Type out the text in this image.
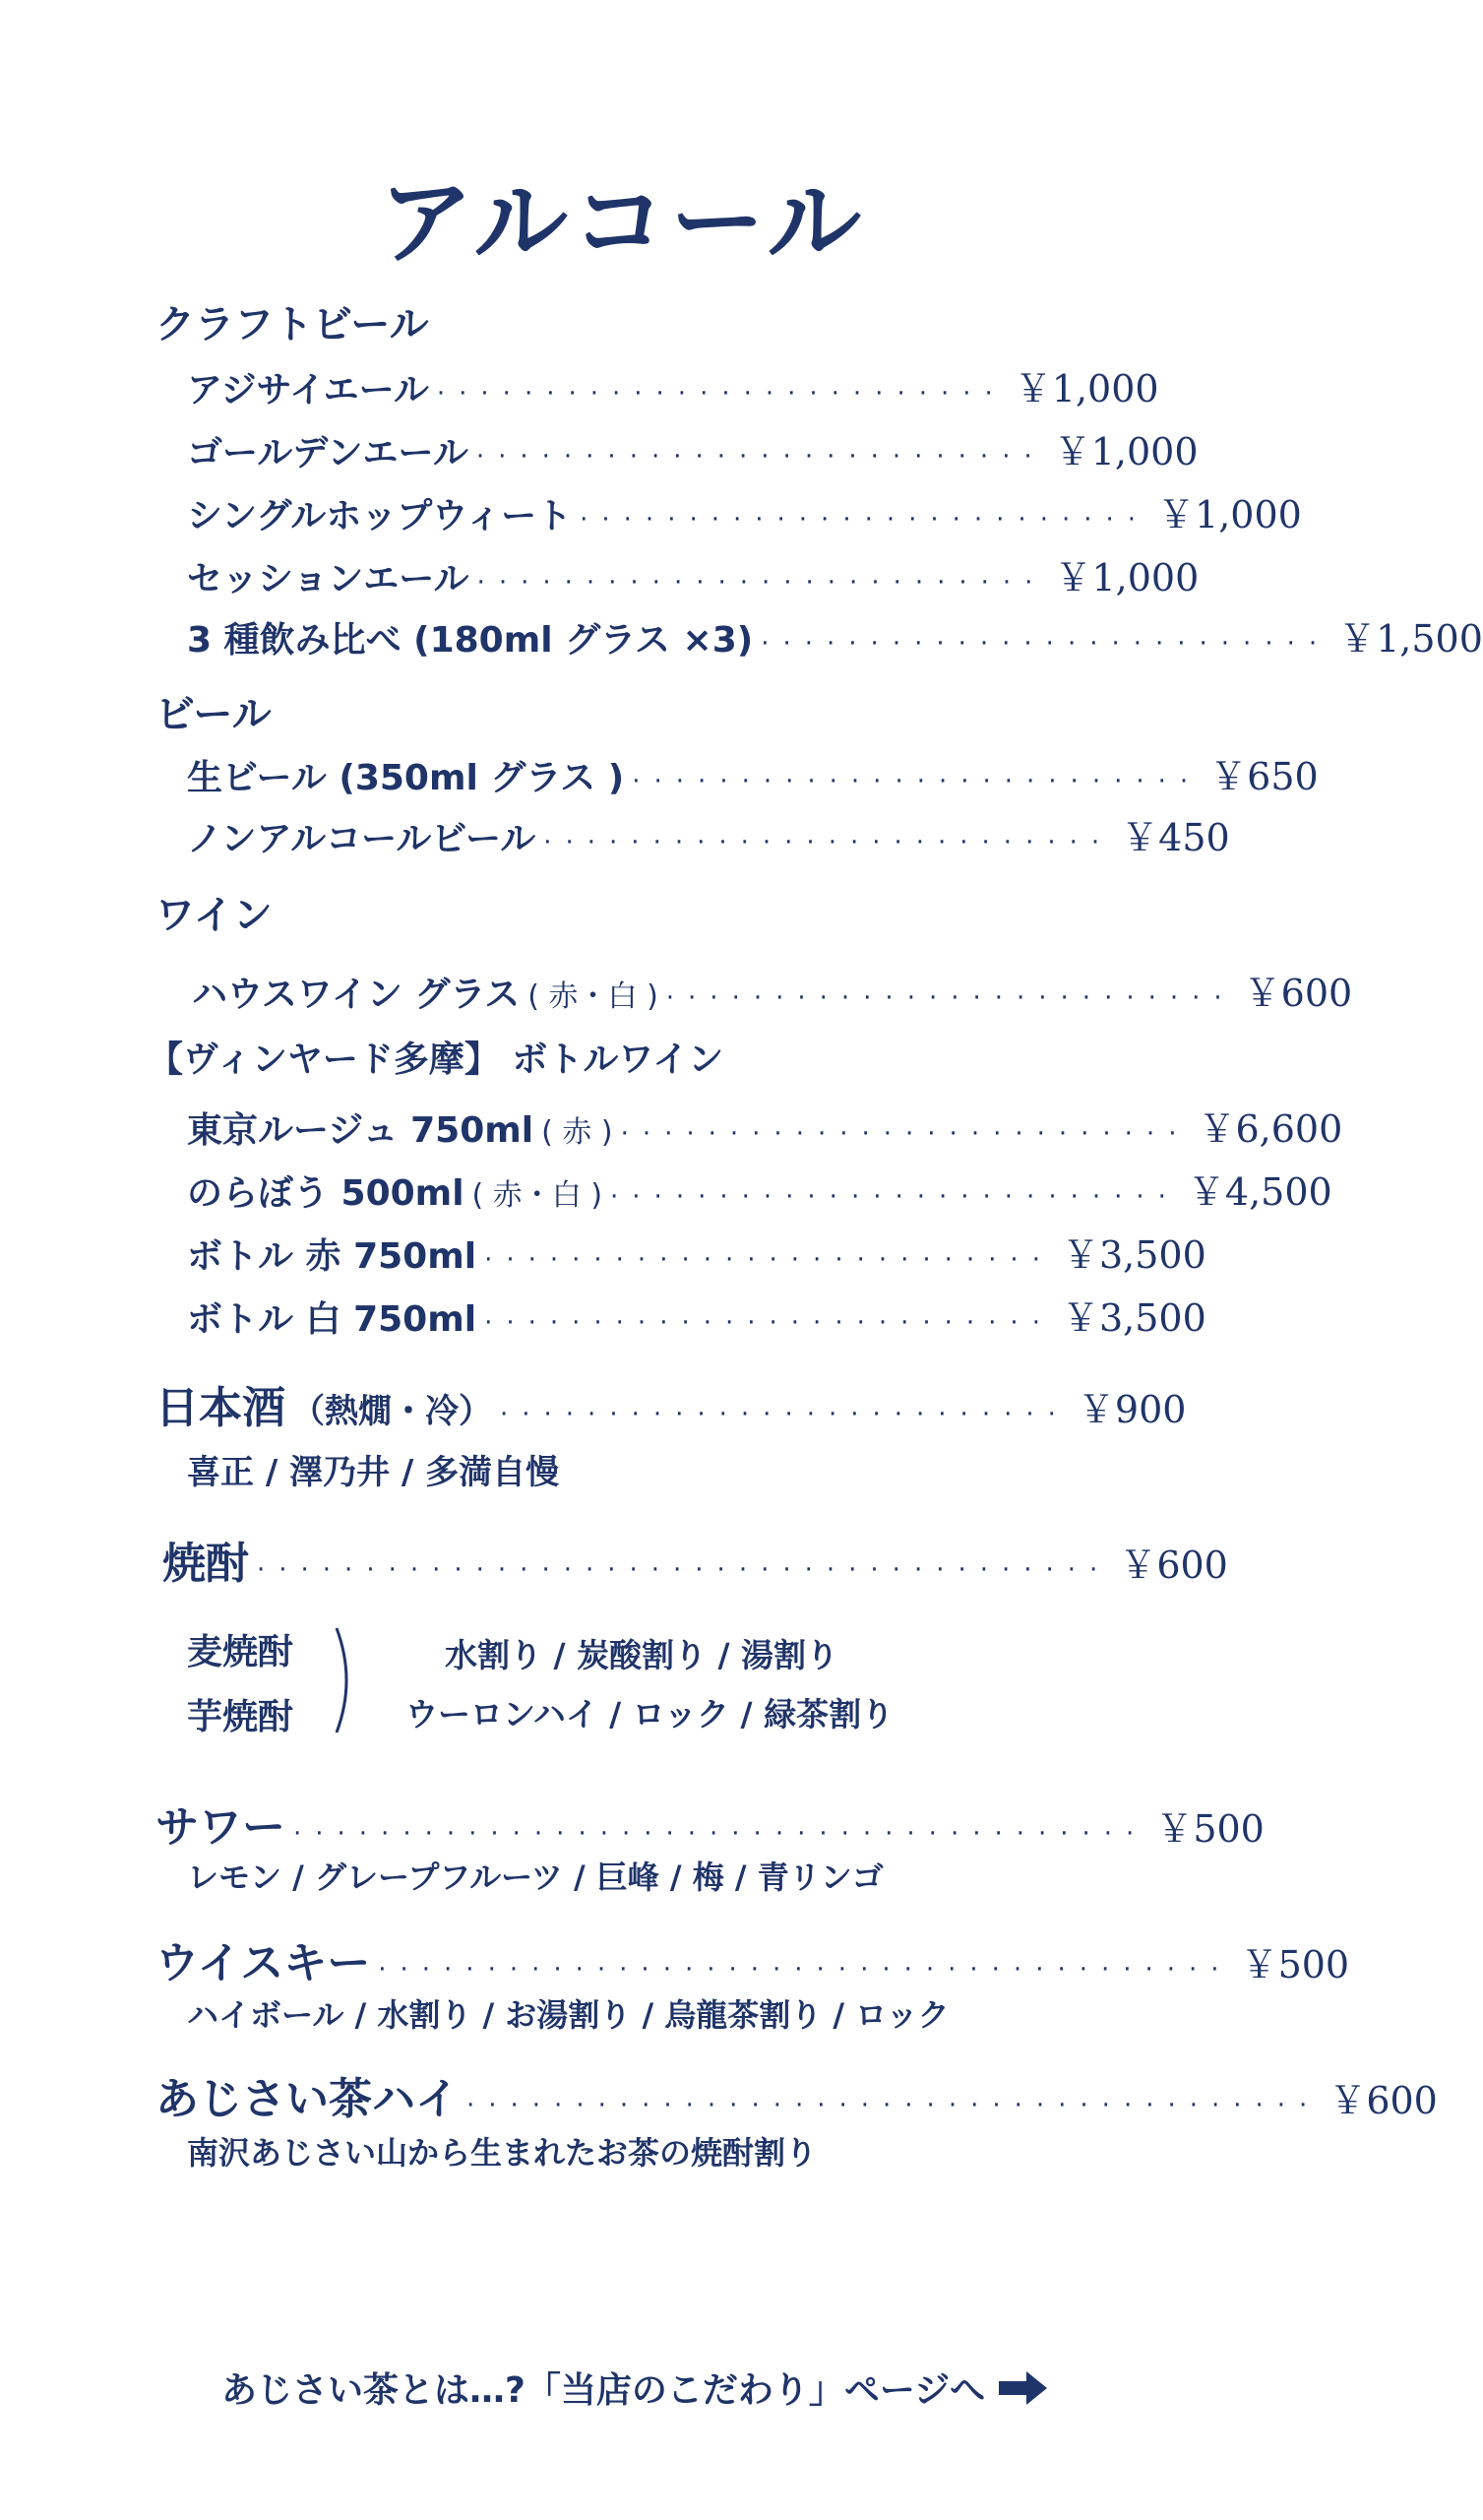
アルコール
クラフトビール
アジサイエール ·························· ￥1,000
ゴールデンエール ·························· ￥1,000
シングルホップウィート ·························· ￥1,000
セッションエール ·························· ￥1,000
3 種飲み比べ (180ml グラス ×3) ·························· ￥1,500
ビール
生ビール (350ml グラス ) ·························· ￥650
ノンアルコールビール ·························· ￥450
ワイン
ハウスワイン グラス ( 赤・白 ) ·························· ￥600
【ヴィンヤード多摩】 ボトルワイン
東京ルージュ 750ml ( 赤 ) ·························· ￥6,600
のらぼう 500ml ( 赤・白 ) ·························· ￥4,500
ボトル 赤 750ml ·························· ￥3,500
ボトル 白 750ml ·························· ￥3,500
日本酒 （熱燗・冷） ·························· ￥900
喜正 / 澤乃井 / 多満自慢
焼酎 ······································· ￥600
麦焼酎
芋焼酎
水割り / 炭酸割り / 湯割り
ウーロンハイ / ロック / 緑茶割り
サワー ······································· ￥500
レモン / グレープフルーツ / 巨峰 / 梅 / 青リンゴ
ウイスキー ······································· ￥500
ハイボール / 水割り / お湯割り / 烏龍茶割り / ロック
あじさい茶ハイ ······································· ￥600
南沢あじさい山から生まれたお茶の焼酎割り
あじさい茶とは…?「当店のこだわり」ページへ
